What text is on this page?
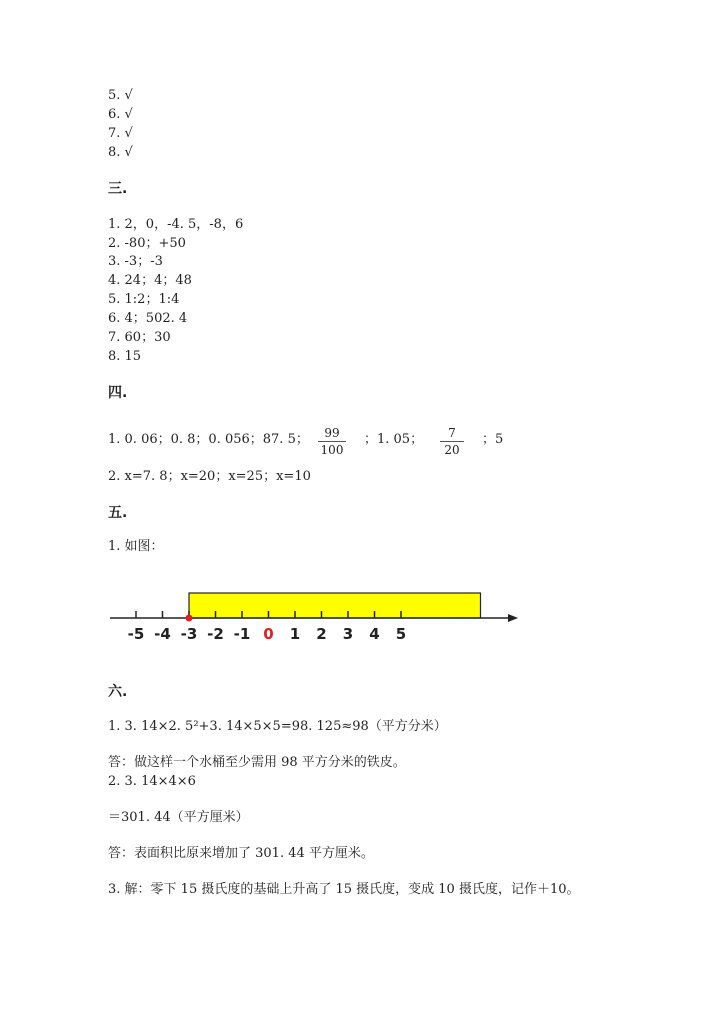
5. √
6. √
7. √
8. √
三.
1. 2，0，-4. 5，-8，6
2. -80；+50
3. -3；-3
4. 24；4；48
5. 1:2；1:4
6. 4；502. 4
7. 60；30
8. 15
四.
1. 0. 06；0. 8；0. 056；87. 5；	99
100
；1. 05；	7
20
；5
2. x=7. 8；x=20；x=25；x=10
五.
1. 如图：
-5 -4 -3 -2 -1 0 1 2 3 4 5
六.
1. 3. 14×2. 5²+3. 14×5×5=98. 125≈98（平方分米）
答：做这样一个水桶至少需用 98 平方分米的铁皮。
2. 3. 14×4×6
＝301. 44（平方厘米）
答：表面积比原来增加了 301. 44 平方厘米。
3. 解：零下 15 摄氏度的基础上升高了 15 摄氏度，变成 10 摄氏度，记作＋10。
